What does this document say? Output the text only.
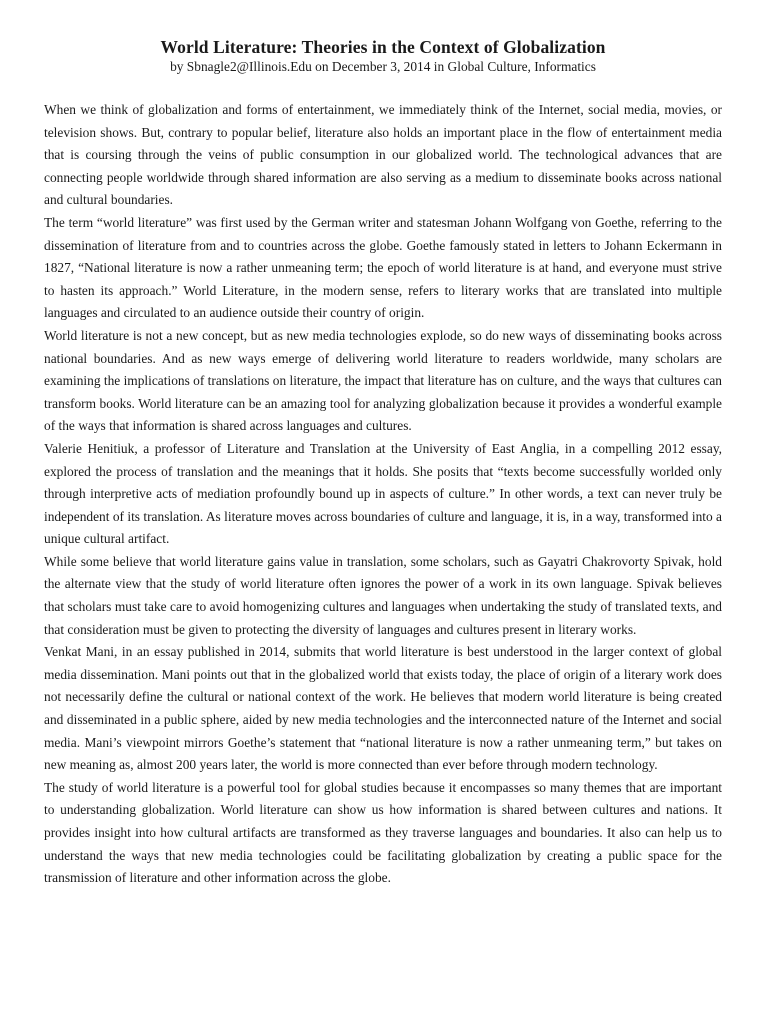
World Literature: Theories in the Context of Globalization
by Sbnagle2@Illinois.Edu on December 3, 2014 in Global Culture, Informatics

When we think of globalization and forms of entertainment, we immediately think of the Internet, social media, movies, or television shows. But, contrary to popular belief, literature also holds an important place in the flow of entertainment media that is coursing through the veins of public consumption in our globalized world. The technological advances that are connecting people worldwide through shared information are also serving as a medium to disseminate books across national and cultural boundaries.

The term “world literature” was first used by the German writer and statesman Johann Wolfgang von Goethe, referring to the dissemination of literature from and to countries across the globe. Goethe famously stated in letters to Johann Eckermann in 1827, “National literature is now a rather unmeaning term; the epoch of world literature is at hand, and everyone must strive to hasten its approach.” World Literature, in the modern sense, refers to literary works that are translated into multiple languages and circulated to an audience outside their country of origin.

World literature is not a new concept, but as new media technologies explode, so do new ways of disseminating books across national boundaries. And as new ways emerge of delivering world literature to readers worldwide, many scholars are examining the implications of translations on literature, the impact that literature has on culture, and the ways that cultures can transform books. World literature can be an amazing tool for analyzing globalization because it provides a wonderful example of the ways that information is shared across languages and cultures.

Valerie Henitiuk, a professor of Literature and Translation at the University of East Anglia, in a compelling 2012 essay, explored the process of translation and the meanings that it holds. She posits that “texts become successfully worlded only through interpretive acts of mediation profoundly bound up in aspects of culture.” In other words, a text can never truly be independent of its translation. As literature moves across boundaries of culture and language, it is, in a way, transformed into a unique cultural artifact.

While some believe that world literature gains value in translation, some scholars, such as Gayatri Chakrovorty Spivak, hold the alternate view that the study of world literature often ignores the power of a work in its own language. Spivak believes that scholars must take care to avoid homogenizing cultures and languages when undertaking the study of translated texts, and that consideration must be given to protecting the diversity of languages and cultures present in literary works.

Venkat Mani, in an essay published in 2014, submits that world literature is best understood in the larger context of global media dissemination. Mani points out that in the globalized world that exists today, the place of origin of a literary work does not necessarily define the cultural or national context of the work. He believes that modern world literature is being created and disseminated in a public sphere, aided by new media technologies and the interconnected nature of the Internet and social media. Mani’s viewpoint mirrors Goethe’s statement that “national literature is now a rather unmeaning term,” but takes on new meaning as, almost 200 years later, the world is more connected than ever before through modern technology.

The study of world literature is a powerful tool for global studies because it encompasses so many themes that are important to understanding globalization. World literature can show us how information is shared between cultures and nations. It provides insight into how cultural artifacts are transformed as they traverse languages and boundaries. It also can help us to understand the ways that new media technologies could be facilitating globalization by creating a public space for the transmission of literature and other information across the globe.
